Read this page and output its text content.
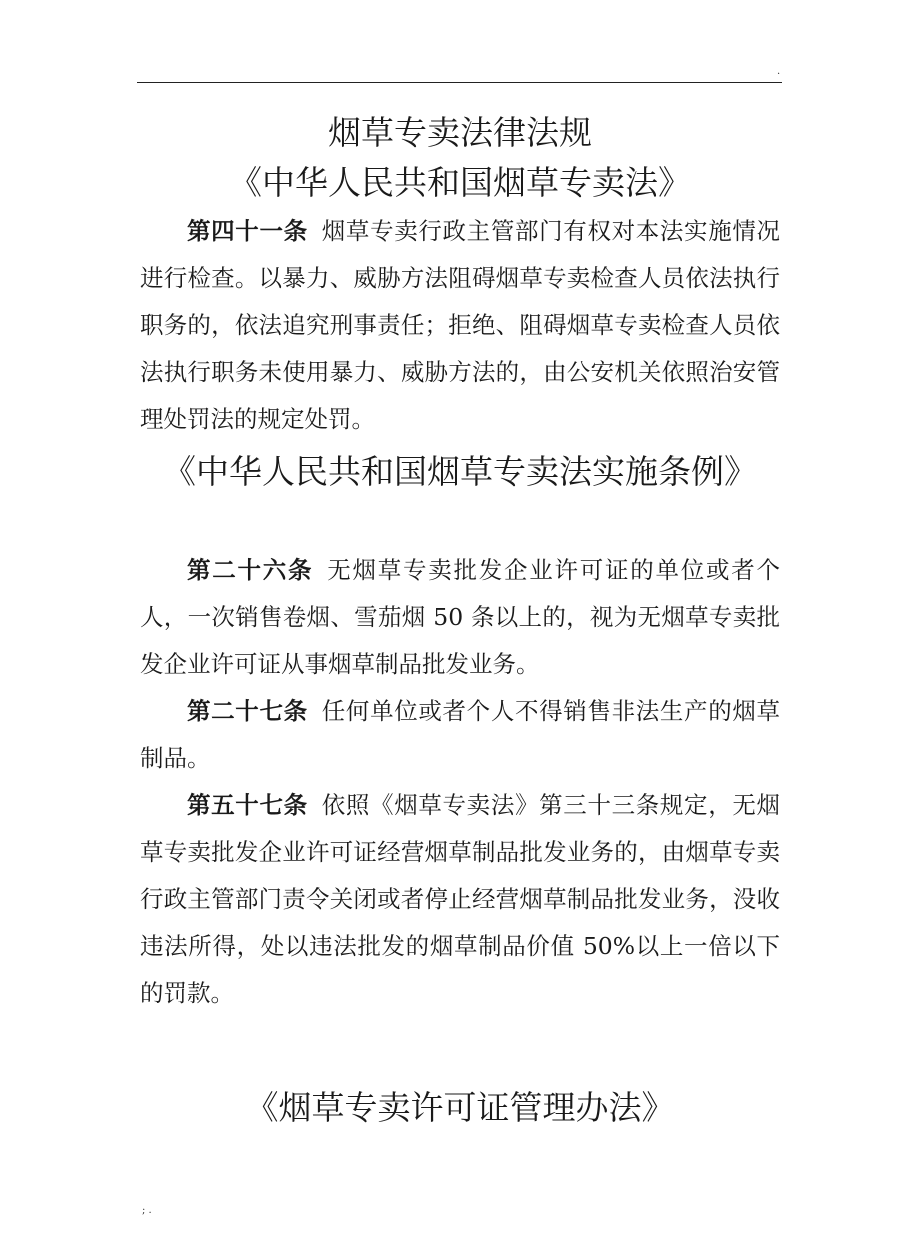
.
烟草专卖法律法规
《中华人民共和国烟草专卖法》

第四十一条 烟草专卖行政主管部门有权对本法实施情况进行检查。以暴力、威胁方法阻碍烟草专卖检查人员依法执行职务的，依法追究刑事责任；拒绝、阻碍烟草专卖检查人员依法执行职务未使用暴力、威胁方法的，由公安机关依照治安管理处罚法的规定处罚。

《中华人民共和国烟草专卖法实施条例》

第二十六条 无烟草专卖批发企业许可证的单位或者个人，一次销售卷烟、雪茄烟 50 条以上的，视为无烟草专卖批发企业许可证从事烟草制品批发业务。

第二十七条 任何单位或者个人不得销售非法生产的烟草制品。

第五十七条 依照《烟草专卖法》第三十三条规定，无烟草专卖批发企业许可证经营烟草制品批发业务的，由烟草专卖行政主管部门责令关闭或者停止经营烟草制品批发业务，没收违法所得，处以违法批发的烟草制品价值 50%以上一倍以下的罚款。

《烟草专卖许可证管理办法》
; .
